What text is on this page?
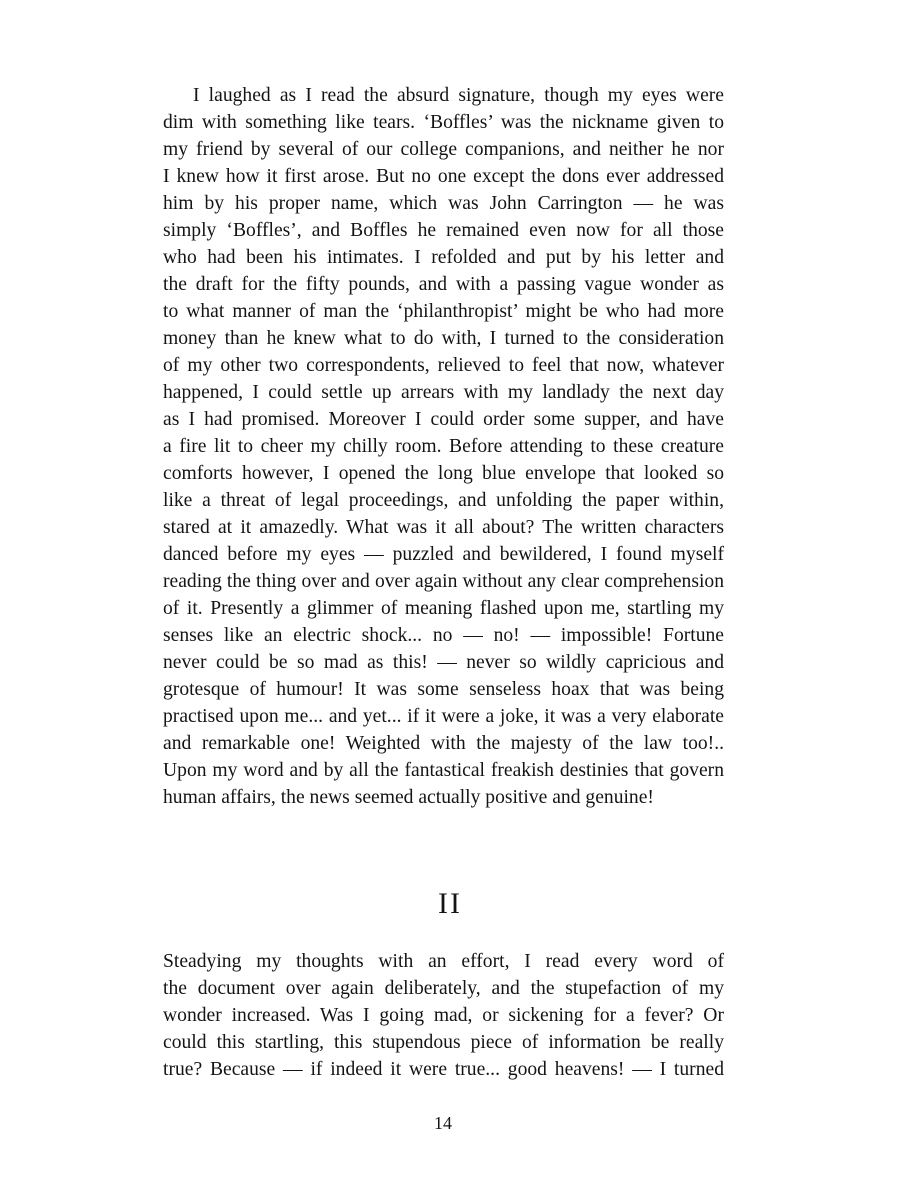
I laughed as I read the absurd signature, though my eyes were
dim with something like tears. ‘Boffles’ was the nickname given to
my friend by several of our college companions, and neither he nor
I knew how it first arose. But no one except the dons ever addressed
him by his proper name, which was John Carrington — he was
simply ‘Boffles’, and Boffles he remained even now for all those
who had been his intimates. I refolded and put by his letter and
the draft for the fifty pounds, and with a passing vague wonder as
to what manner of man the ‘philanthropist’ might be who had more
money than he knew what to do with, I turned to the consideration
of my other two correspondents, relieved to feel that now, whatever
happened, I could settle up arrears with my landlady the next day
as I had promised. Moreover I could order some supper, and have
a fire lit to cheer my chilly room. Before attending to these creature
comforts however, I opened the long blue envelope that looked so
like a threat of legal proceedings, and unfolding the paper within,
stared at it amazedly. What was it all about? The written characters
danced before my eyes — puzzled and bewildered, I found myself
reading the thing over and over again without any clear comprehension
of it. Presently a glimmer of meaning flashed upon me, startling my
senses like an electric shock... no — no! — impossible! Fortune
never could be so mad as this! — never so wildly capricious and
grotesque of humour! It was some senseless hoax that was being
practised upon me... and yet... if it were a joke, it was a very elaborate
and remarkable one! Weighted with the majesty of the law too!..
Upon my word and by all the fantastical freakish destinies that govern
human affairs, the news seemed actually positive and genuine!
II
Steadying my thoughts with an effort, I read every word of
the document over again deliberately, and the stupefaction of my
wonder increased. Was I going mad, or sickening for a fever? Or
could this startling, this stupendous piece of information be really
true? Because — if indeed it were true... good heavens! — I turned
14
